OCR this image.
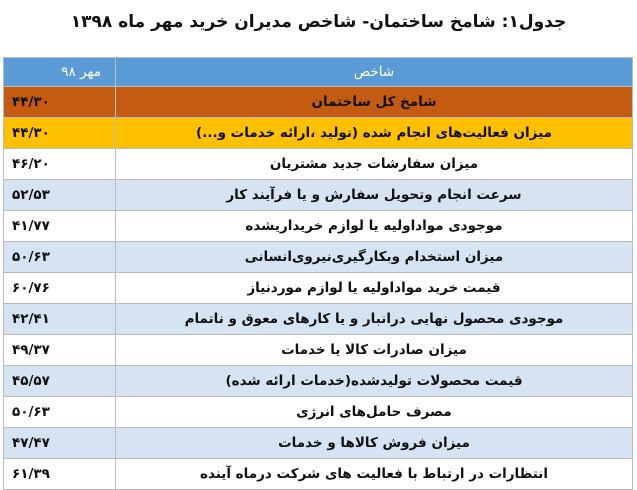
جدول۱: شامخ ساختمان- شاخص مدیران خرید مهر ماه ۱۳۹۸
مهر ۹۸	شاخص
۴۴/۳۰	شامخ کل ساختمان
۴۴/۳۰	میزان فعالیت‌های انجام شده (تولید ،ارائه خدمات و...)
۴۶/۲۰	میزان سفارشات جدید مشتریان
۵۲/۵۳	سرعت انجام وتحویل سفارش و یا فرآیند کار
۴۱/۷۷	موجودی مواداولیه یا لوازم خریداریشده
۵۰/۶۳	میزان استخدام وبکارگیری‌نیروی‌انسانی
۶۰/۷۶	قیمت خرید مواداولیه یا لوازم موردنیاز
۴۲/۴۱	موجودی محصول نهایی درانبار و یا کارهای معوق و ناتمام
۴۹/۳۷	میزان صادرات کالا یا خدمات
۴۵/۵۷	قیمت محصولات تولیدشده(خدمات ارائه شده)
۵۰/۶۳	مصرف حامل‌های انرژی
۴۷/۴۷	میزان فروش کالاها و خدمات
۶۱/۳۹	انتظارات در ارتباط با فعالیت های شرکت درماه آینده
